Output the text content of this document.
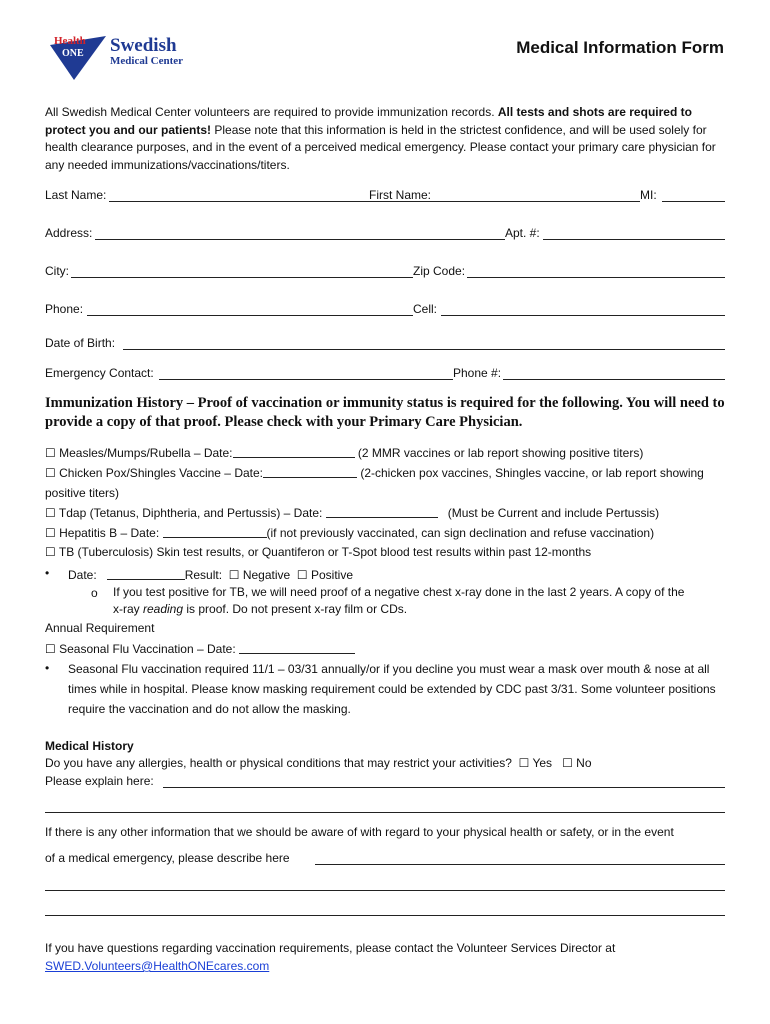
Health
ONE Swedish
Medical Center
Medical Information Form
All Swedish Medical Center volunteers are required to provide immunization records. All tests and shots are required to protect you and our patients! Please note that this information is held in the strictest confidence, and will be used solely for health clearance purposes, and in the event of a perceived medical emergency. Please contact your primary care physician for any needed immunizations/vaccinations/titers.
Last Name:	First Name:	MI:
Address:	Apt. #:
City:	Zip Code:
Phone:	Cell:
Date of Birth:
Emergency Contact:	Phone #:
Immunization History – Proof of vaccination or immunity status is required for the following. You will need to provide a copy of that proof. Please check with your Primary Care Physician.
☐ Measles/Mumps/Rubella – Date:	(2 MMR vaccines or lab report showing positive titers)
☐ Chicken Pox/Shingles Vaccine – Date:	(2-chicken pox vaccines, Shingles vaccine, or lab report showing
positive titers)
☐ Tdap (Tetanus, Diphtheria, and Pertussis) – Date:	(Must be Current and include Pertussis)
☐ Hepatitis B – Date:	(if not previously vaccinated, can sign declination and refuse vaccination)
☐ TB (Tuberculosis) Skin test results, or Quantiferon or T-Spot blood test results within past 12-months
• Date:	Result: ☐ Negative ☐ Positive
o If you test positive for TB, we will need proof of a negative chest x-ray done in the last 2 years. A copy of the
x-ray reading is proof. Do not present x-ray film or CDs.
Annual Requirement
☐ Seasonal Flu Vaccination – Date:
• Seasonal Flu vaccination required 11/1 – 03/31 annually/or if you decline you must wear a mask over mouth & nose at all times while in hospital. Please know masking requirement could be extended by CDC past 3/31. Some volunteer positions require the vaccination and do not allow the masking.
Medical History
Do you have any allergies, health or physical conditions that may restrict your activities? ☐ Yes ☐ No
Please explain here:
If there is any other information that we should be aware of with regard to your physical health or safety, or in the event
of a medical emergency, please describe here
If you have questions regarding vaccination requirements, please contact the Volunteer Services Director at
SWED.Volunteers@HealthONEcares.com
